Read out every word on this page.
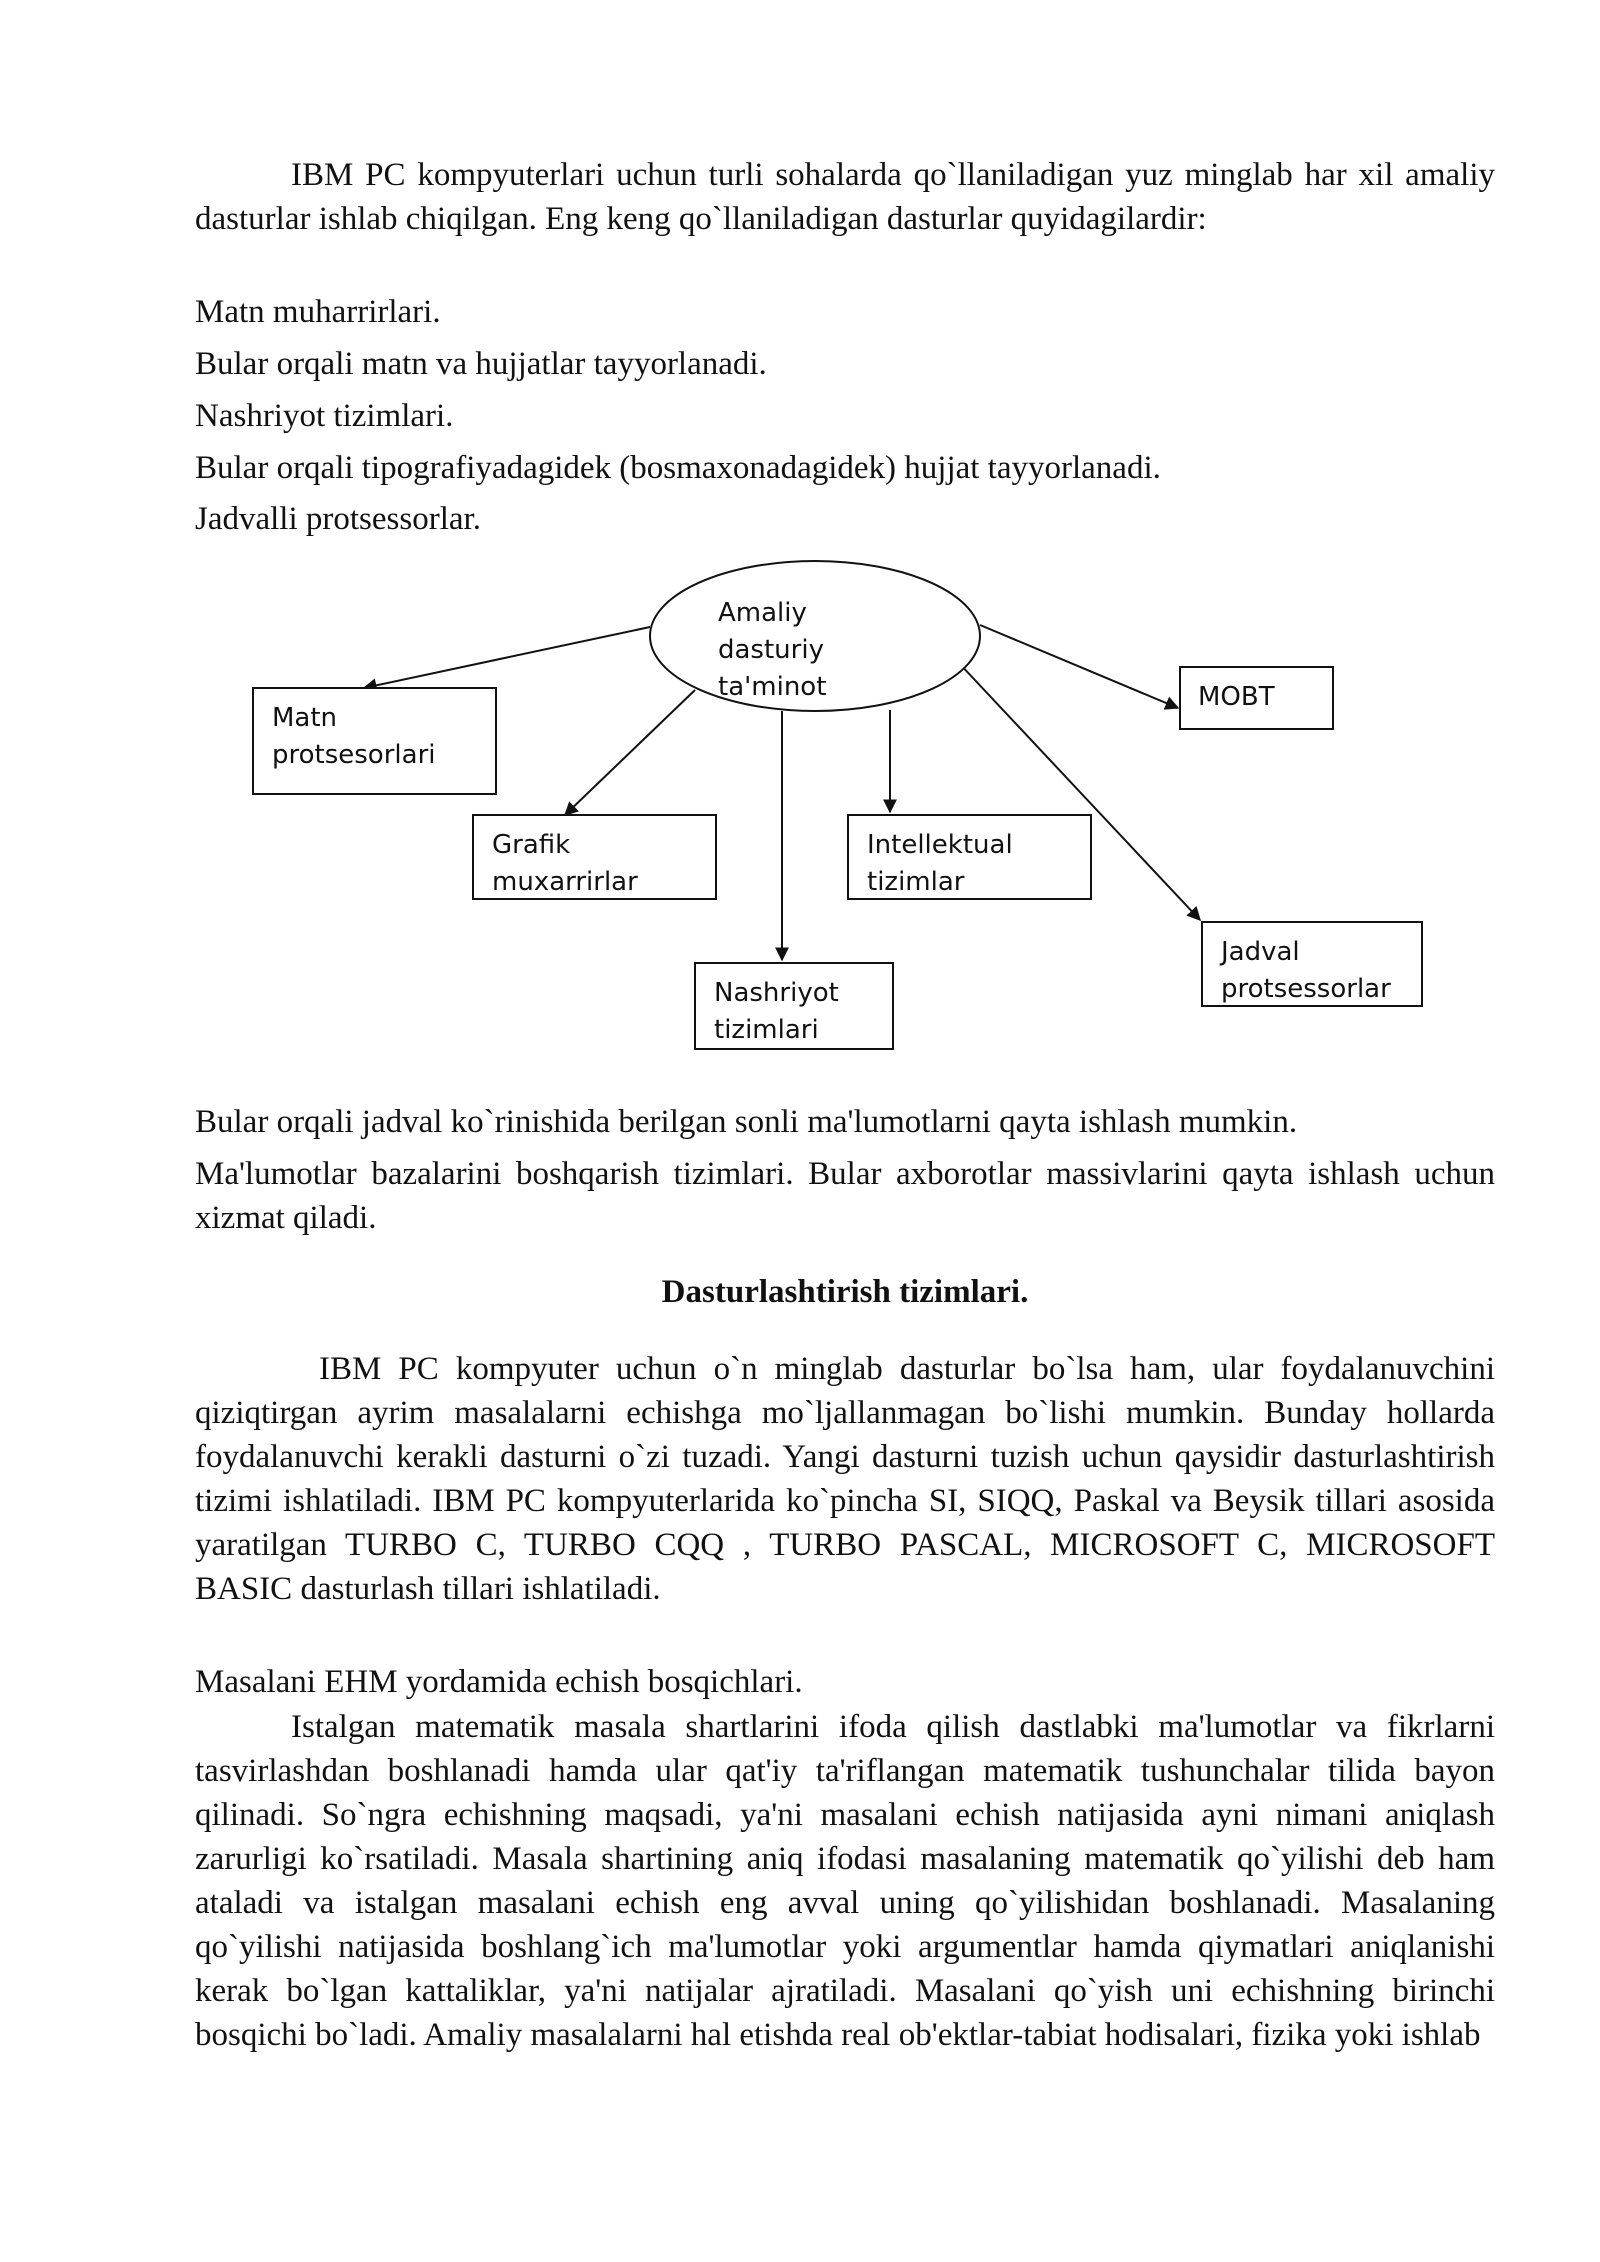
IBM PC kompyuterlari uchun turli sohalarda qo`llaniladigan yuz minglab har xil amaliy dasturlar ishlab chiqilgan. Eng keng qo`llaniladigan dasturlar quyidagilardir:

Matn muharrirlari.

Bular orqali matn va hujjatlar tayyorlanadi.

Nashriyot tizimlari.

Bular orqali tipografiyadagidek (bosmaxonadagidek) hujjat tayyorlanadi.

Jadvalli protsessorlar.

Amaliy dasturiy ta'minot
Matn protsesorlari
MOBT
Grafik muxarrirlar
Intellektual tizimlar
Jadval protsessorlar
Nashriyot tizimlari

Bular orqali jadval ko`rinishida berilgan sonli ma'lumotlarni qayta ishlash mumkin.

Ma'lumotlar bazalarini boshqarish tizimlari. Bular axborotlar massivlarini qayta ishlash uchun xizmat qiladi.

Dasturlashtirish tizimlari.

IBM PC kompyuter uchun o`n minglab dasturlar bo`lsa ham, ular foydalanuvchini qiziqtirgan ayrim masalalarni echishga mo`ljallanmagan bo`lishi mumkin. Bunday hollarda foydalanuvchi kerakli dasturni o`zi tuzadi. Yangi dasturni tuzish uchun qaysidir dasturlashtirish tizimi ishlatiladi. IBM PC kompyuterlarida ko`pincha SI, SIQQ, Paskal va Beysik tillari asosida yaratilgan TURBO C, TURBO CQQ , TURBO PASCAL, MICROSOFT C, MICROSOFT BASIC dasturlash tillari ishlatiladi.

Masalani EHM yordamida echish bosqichlari.

Istalgan matematik masala shartlarini ifoda qilish dastlabki ma'lumotlar va fikrlarni tasvirlashdan boshlanadi hamda ular qat'iy ta'riflangan matematik tushunchalar tilida bayon qilinadi. So`ngra echishning maqsadi, ya'ni masalani echish natijasida ayni nimani aniqlash zarurligi ko`rsatiladi. Masala shartining aniq ifodasi masalaning matematik qo`yilishi deb ham ataladi va istalgan masalani echish eng avval uning qo`yilishidan boshlanadi. Masalaning qo`yilishi natijasida boshlang`ich ma'lumotlar yoki argumentlar hamda qiymatlari aniqlanishi kerak bo`lgan kattaliklar, ya'ni natijalar ajratiladi. Masalani qo`yish uni echishning birinchi bosqichi bo`ladi. Amaliy masalalarni hal etishda real ob'ektlar-tabiat hodisalari, fizika yoki ishlab
